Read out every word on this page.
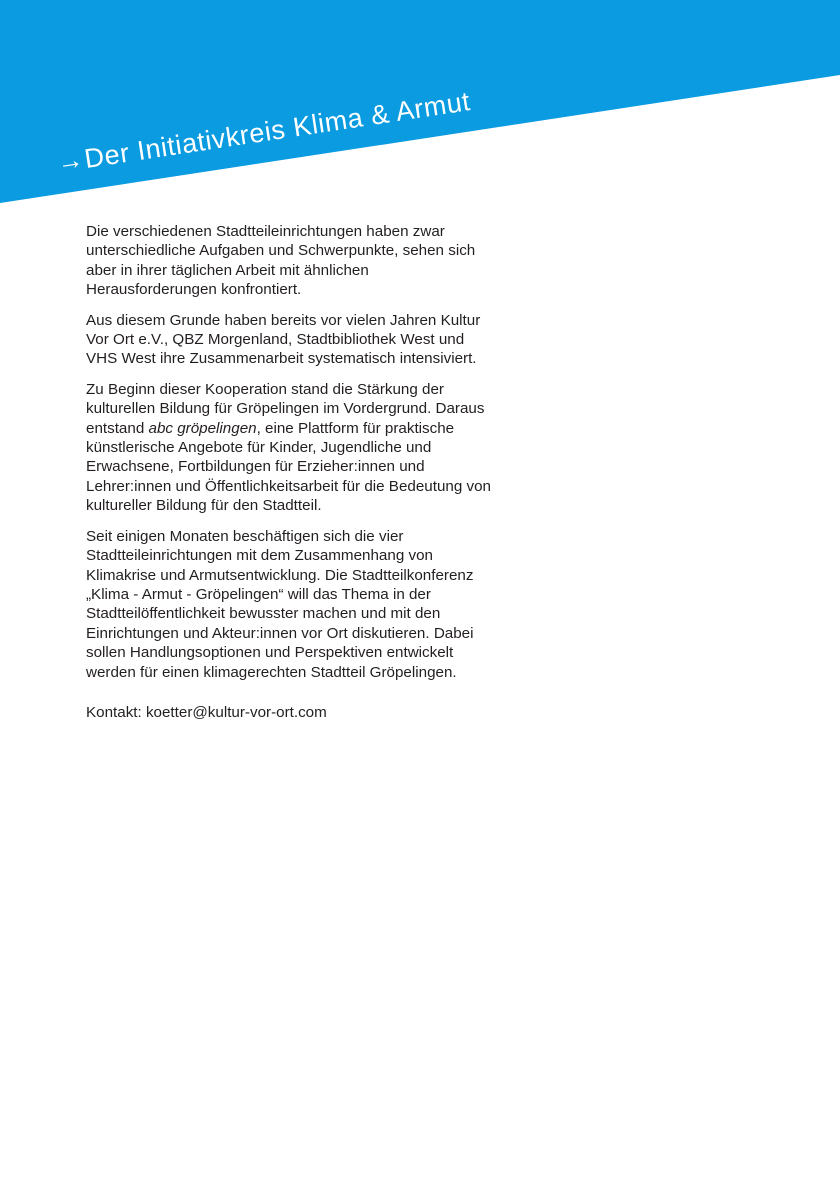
→
Der Initiativkreis Klima & Armut

Die verschiedenen Stadtteileinrichtungen haben zwar unterschiedliche Aufgaben und Schwerpunkte, sehen sich aber in ihrer täglichen Arbeit mit ähnlichen Herausforderungen konfrontiert.

Aus diesem Grunde haben bereits vor vielen Jahren Kultur Vor Ort e.V., QBZ Morgenland, Stadtbibliothek West und VHS West ihre Zusammenarbeit systematisch intensiviert.

Zu Beginn dieser Kooperation stand die Stärkung der kulturellen Bildung für Gröpelingen im Vordergrund. Daraus entstand abc gröpelingen, eine Plattform für praktische künstlerische Angebote für Kinder, Jugendliche und Erwachsene, Fortbildungen für Erzieher:innen und Lehrer:innen und Öffentlichkeitsarbeit für die Bedeutung von kultureller Bildung für den Stadtteil.

Seit einigen Monaten beschäftigen sich die vier Stadtteileinrichtungen mit dem Zusammenhang von Klimakrise und Armutsentwicklung. Die Stadtteilkonferenz „Klima - Armut - Gröpelingen“ will das Thema in der Stadtteilöffentlichkeit bewusster machen und mit den Einrichtungen und Akteur:innen vor Ort diskutieren. Dabei sollen Handlungsoptionen und Perspektiven entwickelt werden für einen klimagerechten Stadtteil Gröpelingen.

Kontakt: koetter@kultur-vor-ort.com
